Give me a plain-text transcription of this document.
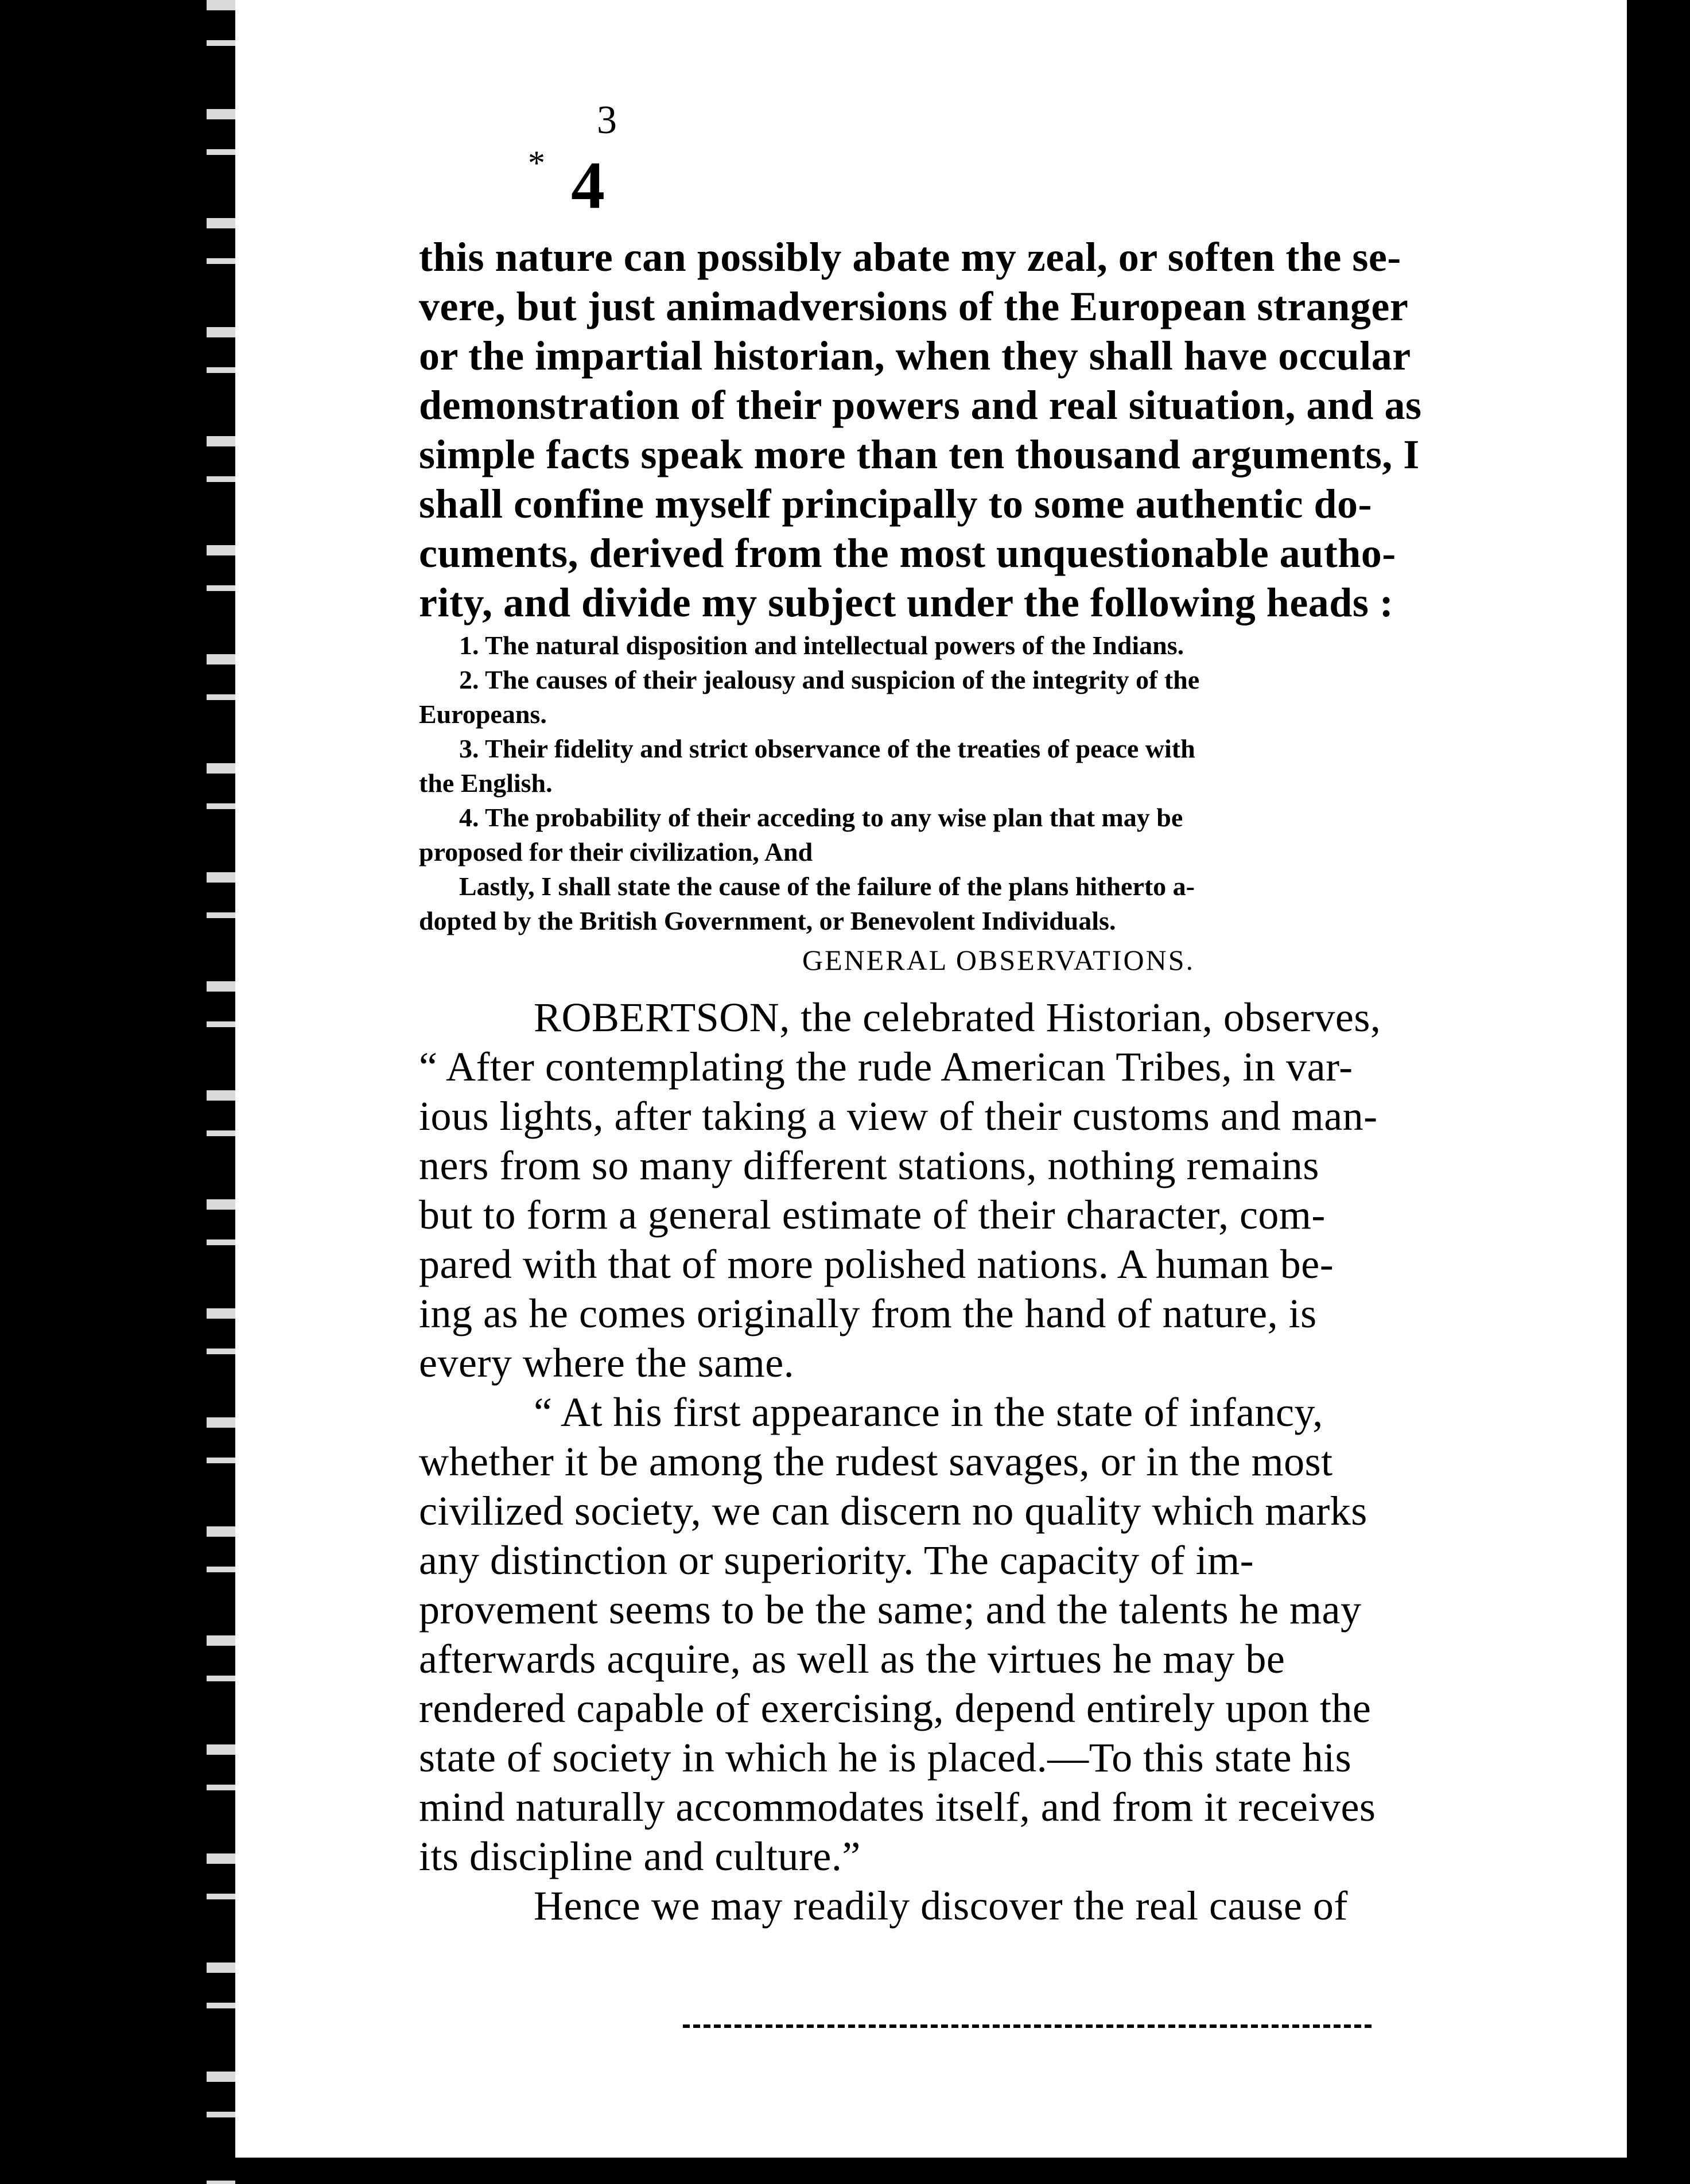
3
* 4
this nature can possibly abate my zeal, or soften the se-
vere, but just animadversions of the European stranger
or the impartial historian, when they shall have occular
demonstration of their powers and real situation, and as
simple facts speak more than ten thousand arguments, I
shall confine myself principally to some authentic do-
cuments, derived from the most unquestionable autho-
rity, and divide my subject under the following heads :
1. The natural disposition and intellectual powers of the Indians.
2. The causes of their jealousy and suspicion of the integrity of the
Europeans.
3. Their fidelity and strict observance of the treaties of peace with
the English.
4. The probability of their acceding to any wise plan that may be
proposed for their civilization, And
Lastly, I shall state the cause of the failure of the plans hitherto a-
dopted by the British Government, or Benevolent Individuals.
GENERAL OBSERVATIONS.
ROBERTSON, the celebrated Historian, observes,
“ After contemplating the rude American Tribes, in var-
ious lights, after taking a view of their customs and man-
ners from so many different stations, nothing remains
but to form a general estimate of their character, com-
pared with that of more polished nations. A human be-
ing as he comes originally from the hand of nature, is
every where the same.
“ At his first appearance in the state of infancy,
whether it be among the rudest savages, or in the most
civilized society, we can discern no quality which marks
any distinction or superiority. The capacity of im-
provement seems to be the same; and the talents he may
afterwards acquire, as well as the virtues he may be
rendered capable of exercising, depend entirely upon the
state of society in which he is placed.—To this state his
mind naturally accommodates itself, and from it receives
its discipline and culture.”
Hence we may readily discover the real cause of
